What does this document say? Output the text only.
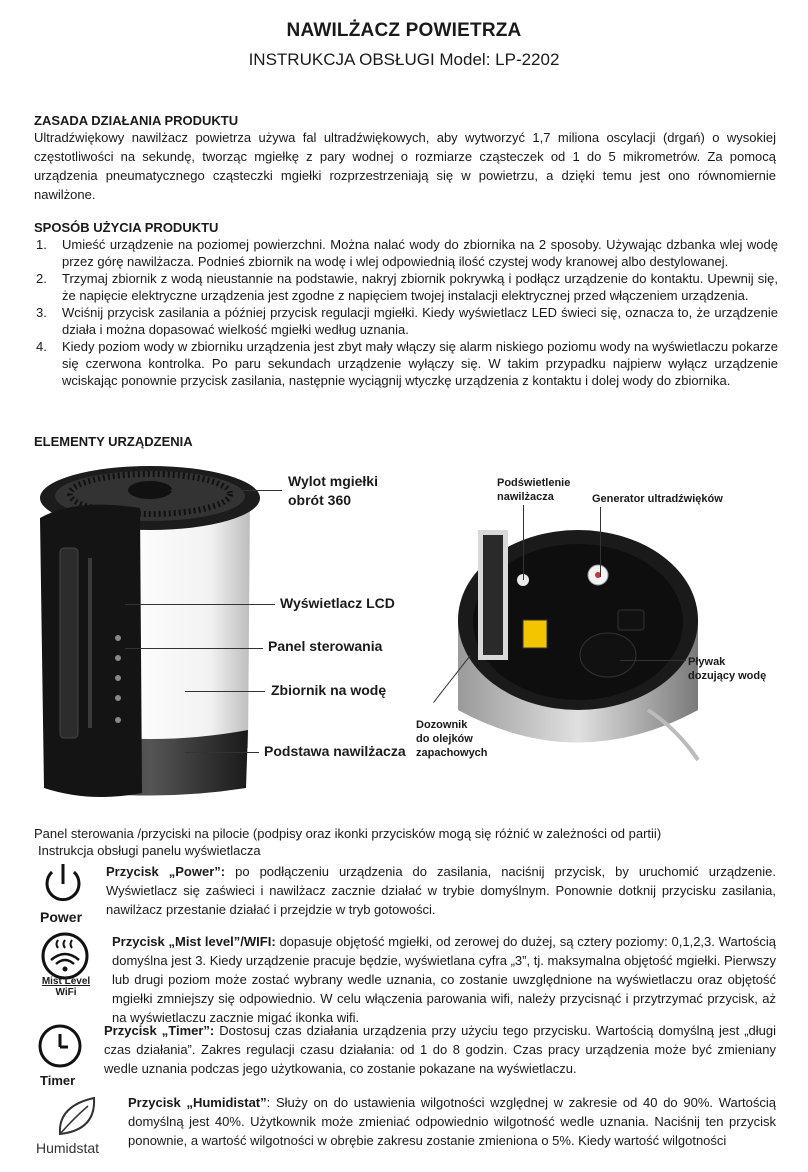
NAWILŻACZ POWIETRZA
INSTRUKCJA OBSŁUGI Model: LP-2202
ZASADA DZIAŁANIA PRODUKTU
Ultradźwiękowy nawilżacz powietrza używa fal ultradźwiękowych, aby wytworzyć 1,7 miliona oscylacji (drgań) o wysokiej częstotliwości na sekundę, tworząc mgiełkę z pary wodnej o rozmiarze cząsteczek od 1 do 5 mikrometrów. Za pomocą urządzenia pneumatycznego cząsteczki mgiełki rozprzestrzeniają się w powietrzu, a dzięki temu jest ono równomiernie nawilżone.
SPOSÓB UŻYCIA PRODUKTU
1. Umieść urządzenie na poziomej powierzchni. Można nalać wody do zbiornika na 2 sposoby. Używając dzbanka wlej wodę przez górę nawilżacza. Podnieś zbiornik na wodę i wlej odpowiednią ilość czystej wody kranowej albo destylowanej.
2. Trzymaj zbiornik z wodą nieustannie na podstawie, nakryj zbiornik pokrywką i podłącz urządzenie do kontaktu. Upewnij się, że napięcie elektryczne urządzenia jest zgodne z napięciem twojej instalacji elektrycznej przed włączeniem urządzenia.
3. Wciśnij przycisk zasilania a później przycisk regulacji mgiełki. Kiedy wyświetlacz LED świeci się, oznacza to, że urządzenie działa i można dopasować wielkość mgiełki według uznania.
4. Kiedy poziom wody w zbiorniku urządzenia jest zbyt mały włączy się alarm niskiego poziomu wody na wyświetlaczu pokarze się czerwona kontrolka. Po paru sekundach urządzenie wyłączy się. W takim przypadku najpierw wyłącz urządzenie wciskając ponownie przycisk zasilania, następnie wyciągnij wtyczkę urządzenia z kontaktu i dolej wody do zbiornika.
ELEMENTY URZĄDZENIA
Wylot mgiełki
obrót 360
Wyświetlacz LCD
Panel sterowania
Zbiornik na wodę
Podstawa nawilżacza
Podświetlenie
nawilżacza	Generator ultradźwięków
Pływak
dozujący wodę
Dozownik
do olejków
zapachowych
Panel sterowania /przyciski na pilocie (podpisy oraz ikonki przycisków mogą się różnić w zależności od partii)
Instrukcja obsługi panelu wyświetlacza
Power
Przycisk „Power”: po podłączeniu urządzenia do zasilania, naciśnij przycisk, by uruchomić urządzenie. Wyświetlacz się zaświeci i nawilżacz zacznie działać w trybie domyślnym. Ponownie dotknij przycisku zasilania, nawilżacz przestanie działać i przejdzie w tryb gotowości.
Mist Level
WiFi
Przycisk „Mist level”/WIFI: dopasuje objętość mgiełki, od zerowej do dużej, są cztery poziomy: 0,1,2,3. Wartością domyślna jest 3. Kiedy urządzenie pracuje będzie, wyświetlana cyfra „3”, tj. maksymalna objętość mgiełki. Pierwszy lub drugi poziom może zostać wybrany wedle uznania, co zostanie uwzględnione na wyświetlaczu oraz objętość mgiełki zmniejszy się odpowiednio. W celu włączenia parowania wifi, należy przycisnąć i przytrzymać przycisk, aż na wyświetlaczu zacznie migać ikonka wifi.
Timer
Przycisk „Timer”: Dostosuj czas działania urządzenia przy użyciu tego przycisku. Wartością domyślną jest „długi czas działania”. Zakres regulacji czasu działania: od 1 do 8 godzin. Czas pracy urządzenia może być zmieniany wedle uznania podczas jego użytkowania, co zostanie pokazane na wyświetlaczu.
Humidstat
Przycisk „Humidistat”: Służy on do ustawienia wilgotności względnej w zakresie od 40 do 90%. Wartością domyślną jest 40%. Użytkownik może zmieniać odpowiednio wilgotność wedle uznania. Naciśnij ten przycisk ponownie, a wartość wilgotności w obrębie zakresu zostanie zmieniona o 5%. Kiedy wartość wilgotności
